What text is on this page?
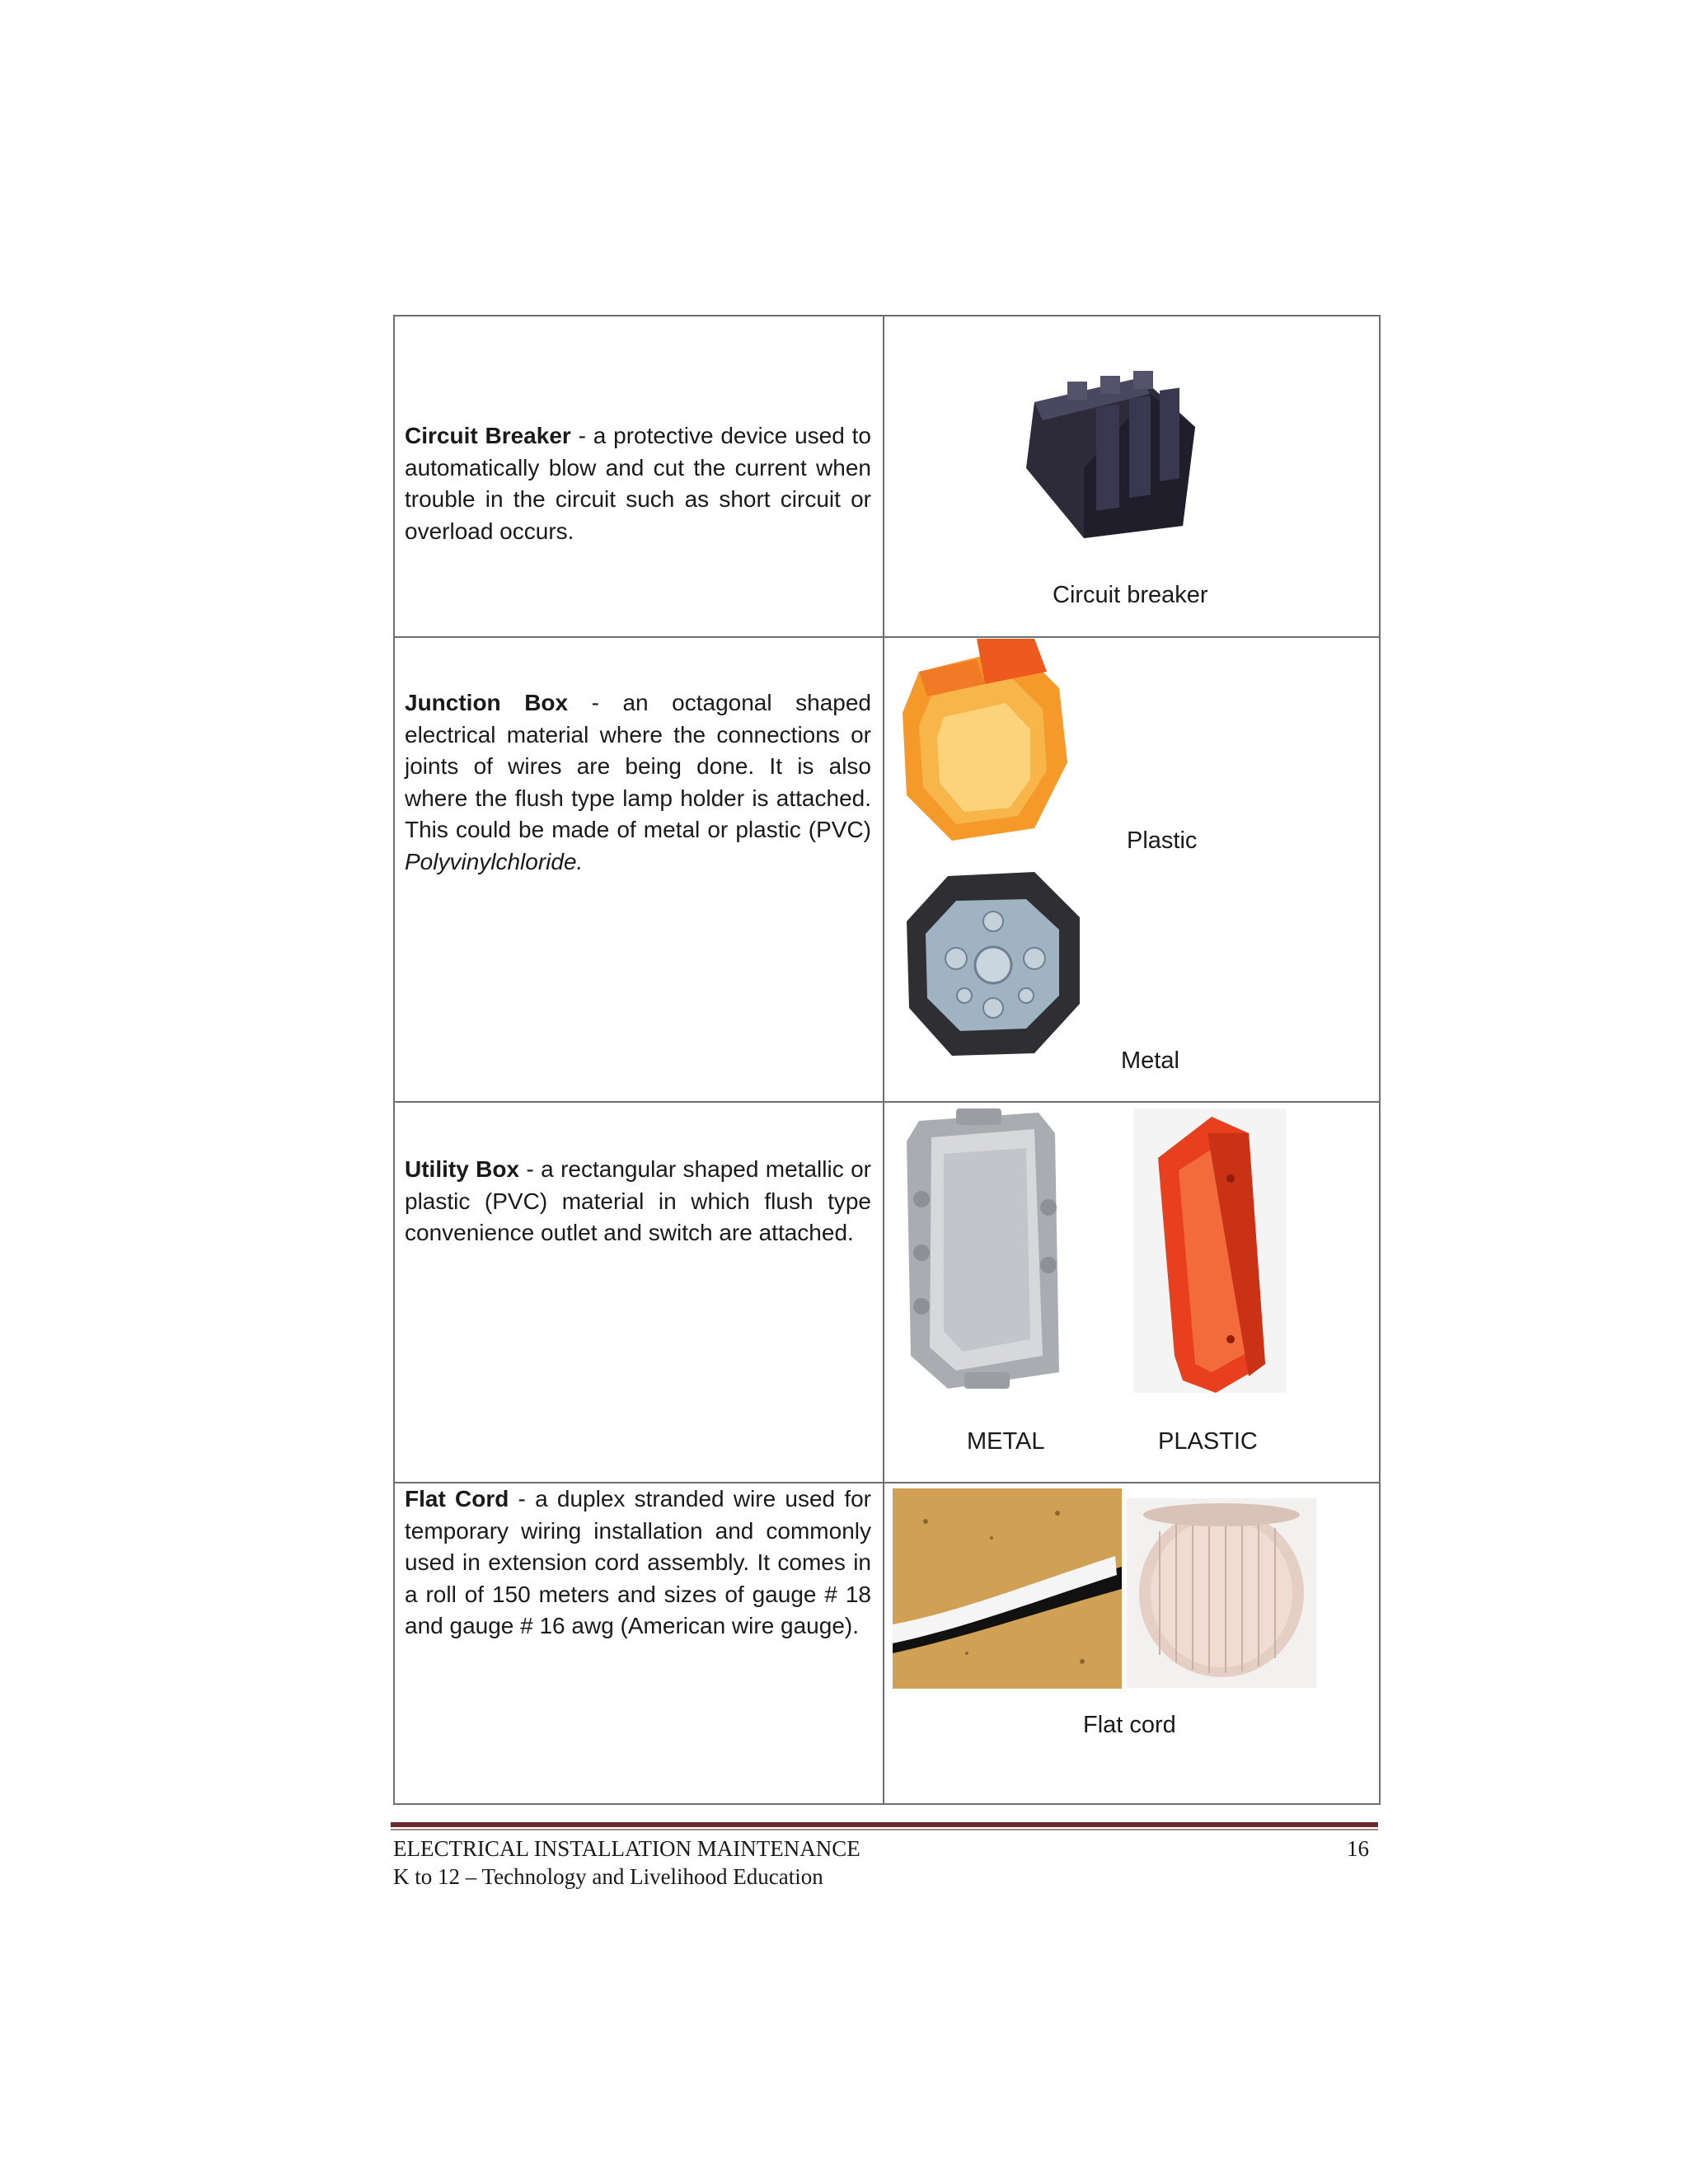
Circuit Breaker - a protective device used to automatically blow and cut the current when trouble in the circuit such as short circuit or overload occurs.
Junction Box - an octagonal shaped electrical material where the connections or joints of wires are being done. It is also where the flush type lamp holder is attached. This could be made of metal or plastic (PVC) Polyvinylchloride.
Utility Box - a rectangular shaped metallic or plastic (PVC) material in which flush type convenience outlet and switch are attached.
Flat Cord - a duplex stranded wire used for temporary wiring installation and commonly used in extension cord assembly. It comes in a roll of 150 meters and sizes of gauge # 18 and gauge # 16 awg (American wire gauge).
Circuit breaker
Plastic
Metal
METAL	PLASTIC
Flat cord
ELECTRICAL INSTALLATION MAINTENANCE
K to 12 – Technology and Livelihood Education
16
